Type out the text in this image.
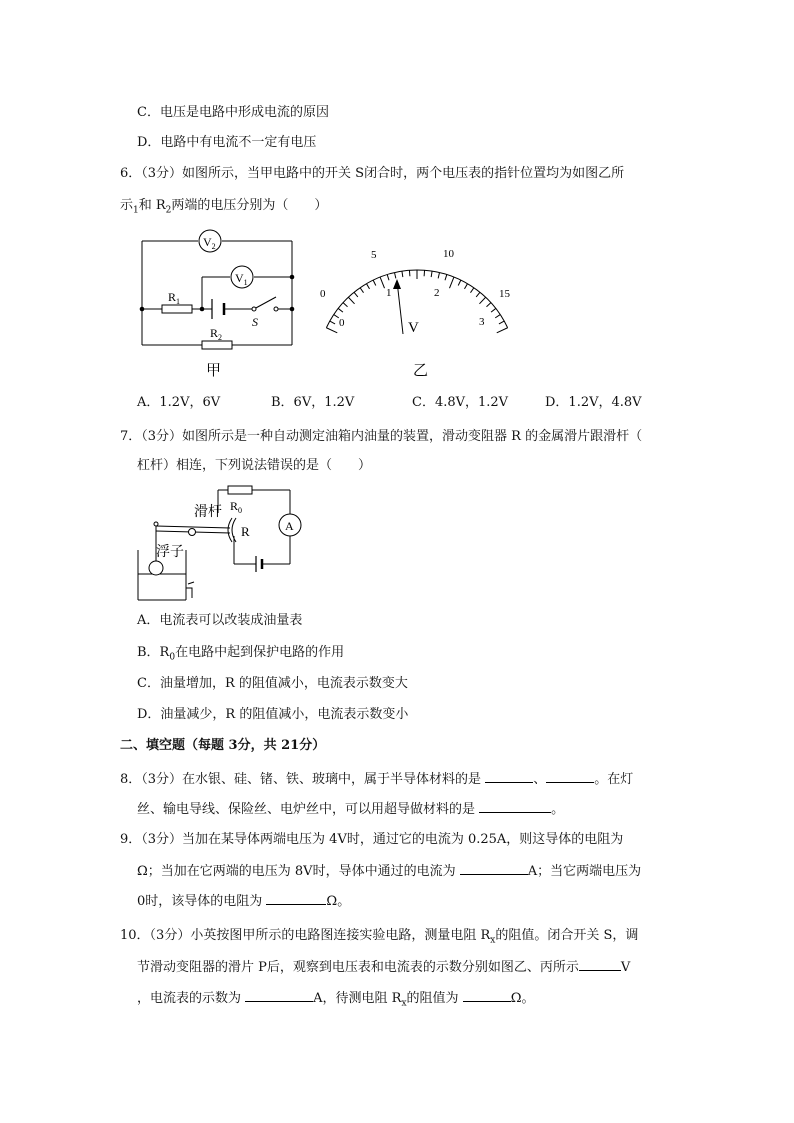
C．电压是电路中形成电流的原因
D．电路中有电流不一定有电压
6．（3分）如图所示，当甲电路中的开关 S闭合时，两个电压表的指针位置均为如图乙所
示$_1$和 $R_2$两端的电压分别为（　　）
$V_2$
$V_1$
$R_1$
S
$R_2$
甲
0
5	10
15
0
1	2
3
V
乙
A．1.2V，6V	B．6V，1.2V	C．4.8V，1.2V	D．1.2V，4.8V
7．（3分）如图所示是一种自动测定油箱内油量的装置，滑动变阻器 R 的金属滑片跟滑杆（
杠杆）相连，下列说法错误的是（　　）
$R_0$
A
R
滑杆
浮子
A．电流表可以改装成油量表
B．$R_0$在电路中起到保护电路的作用
C．油量增加，R 的阻值减小，电流表示数变大
D．油量减少，R 的阻值减小，电流表示数变小
二、填空题（每题 3分，共 21分）
8．（3分）在水银、硅、锗、铁、玻璃中，属于半导体材料的是	、	。在灯
丝、输电导线、保险丝、电炉丝中，可以用超导做材料的是	。
9．（3分）当加在某导体两端电压为 4V时，通过它的电流为 0.25A，则这导体的电阻为
Ω；当加在它两端的电压为 8V时，导体中通过的电流为	A；当它两端电压为
0时，该导体的电阻为	Ω。
10．（3分）小英按图甲所示的电路图连接实验电路，测量电阻 $R_x$的阻值。闭合开关 S，调
节滑动变阻器的滑片 P后，观察到电压表和电流表的示数分别如图乙、丙所示	V
，电流表的示数为	A，待测电阻 $R_x$的阻值为	Ω。
